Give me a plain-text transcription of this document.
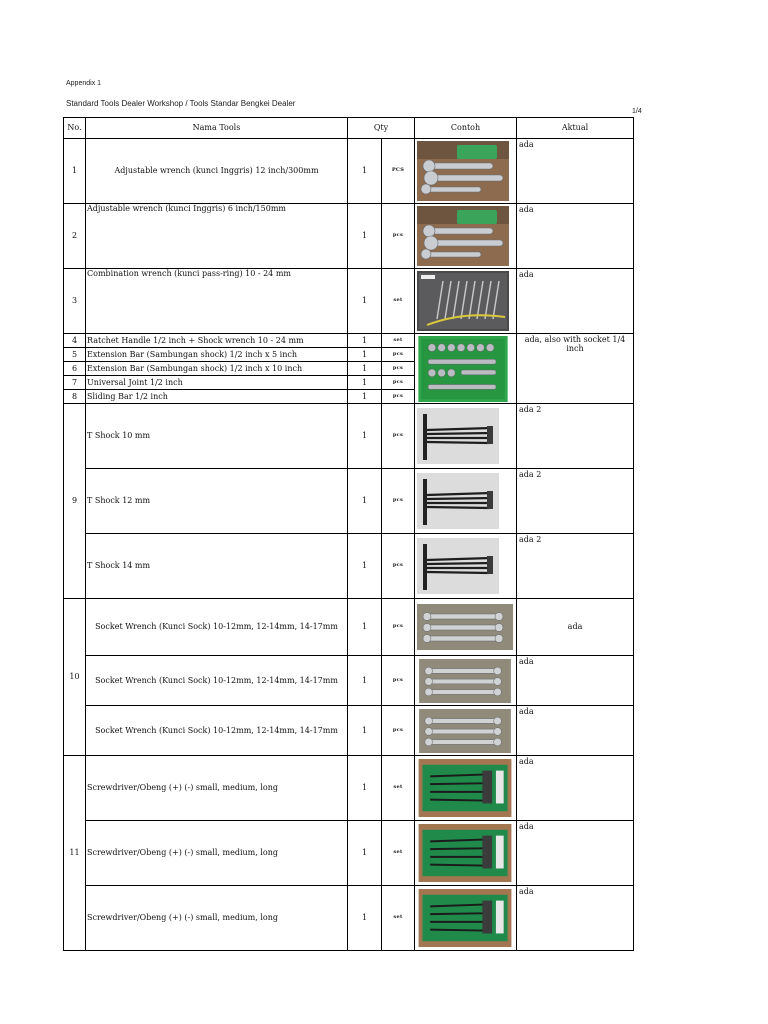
Appendix 1
Standard Tools Dealer Workshop / Tools Standar Bengkei Dealer
1/4
No.	Nama Tools	Qty		Contoh	Aktual
1	Adjustable wrench (kunci Inggris) 12 inch/300mm	1	PCS		ada
2	Adjustable wrench (kunci Inggris) 6 inch/150mm	1	pcs		ada
3	Combination wrench (kunci pass-ring) 10 - 24 mm	1	set		ada
4	Ratchet Handle 1/2 inch + Shock wrench 10 - 24 mm	1	set		ada, also with socket 1/4 inch
5	Extension Bar (Sambungan shock) 1/2 inch x 5 inch	1	pcs		
6	Extension Bar (Sambungan shock) 1/2 inch x 10 inch	1	pcs		
7	Universal Joint 1/2 inch	1	pcs		
8	Sliding Bar 1/2 inch	1	pcs		
9	T Shock 10 mm	1	pcs		ada 2
	T Shock 12 mm	1	pcs		ada 2
	T Shock 14 mm	1	pcs		ada 2
10	Socket Wrench (Kunci Sock) 10-12mm, 12-14mm, 14-17mm	1	pcs		ada
	Socket Wrench (Kunci Sock) 10-12mm, 12-14mm, 14-17mm	1	pcs		ada
	Socket Wrench (Kunci Sock) 10-12mm, 12-14mm, 14-17mm	1	pcs		ada
11	Screwdriver/Obeng (+) (-) small, medium, long	1	set		ada
	Screwdriver/Obeng (+) (-) small, medium, long	1	set		ada
	Screwdriver/Obeng (+) (-) small, medium, long	1	set		ada
